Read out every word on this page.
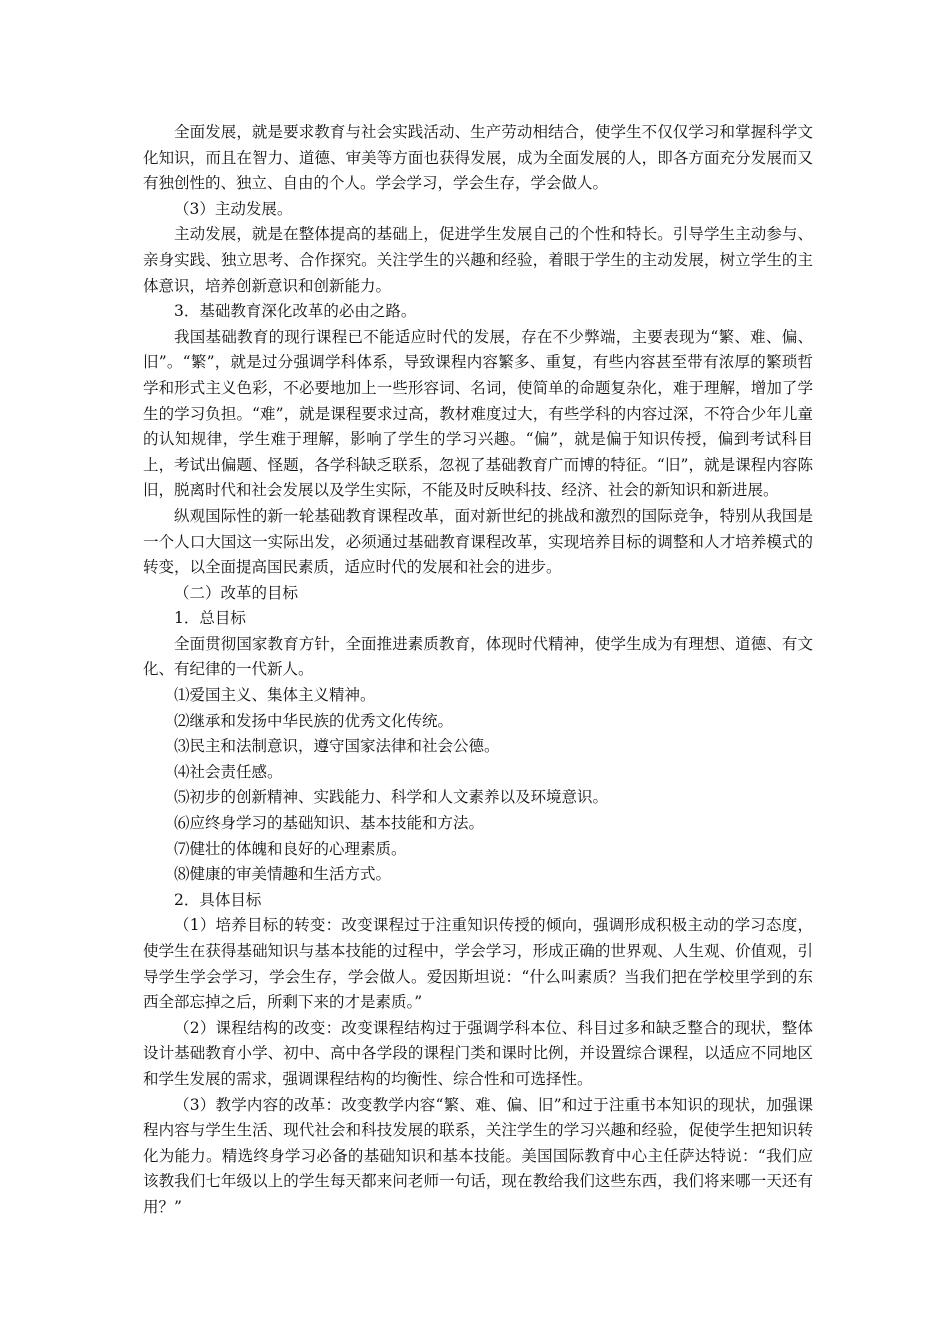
全面发展，就是要求教育与社会实践活动、生产劳动相结合，使学生不仅仅学习和掌握科学文化知识，而且在智力、道德、审美等方面也获得发展，成为全面发展的人，即各方面充分发展而又有独创性的、独立、自由的个人。学会学习，学会生存，学会做人。

（3）主动发展。

主动发展，就是在整体提高的基础上，促进学生发展自己的个性和特长。引导学生主动参与、亲身实践、独立思考、合作探究。关注学生的兴趣和经验，着眼于学生的主动发展，树立学生的主体意识，培养创新意识和创新能力。

3．基础教育深化改革的必由之路。

我国基础教育的现行课程已不能适应时代的发展，存在不少弊端，主要表现为“繁、难、偏、旧”。“繁”，就是过分强调学科体系，导致课程内容繁多、重复，有些内容甚至带有浓厚的繁琐哲学和形式主义色彩，不必要地加上一些形容词、名词，使简单的命题复杂化，难于理解，增加了学生的学习负担。“难”，就是课程要求过高，教材难度过大，有些学科的内容过深，不符合少年儿童的认知规律，学生难于理解，影响了学生的学习兴趣。“偏”，就是偏于知识传授，偏到考试科目上，考试出偏题、怪题，各学科缺乏联系，忽视了基础教育广而博的特征。“旧”，就是课程内容陈旧，脱离时代和社会发展以及学生实际，不能及时反映科技、经济、社会的新知识和新进展。

纵观国际性的新一轮基础教育课程改革，面对新世纪的挑战和激烈的国际竞争，特别从我国是一个人口大国这一实际出发，必须通过基础教育课程改革，实现培养目标的调整和人才培养模式的转变，以全面提高国民素质，适应时代的发展和社会的进步。

（二）改革的目标

1．总目标

全面贯彻国家教育方针，全面推进素质教育，体现时代精神，使学生成为有理想、道德、有文化、有纪律的一代新人。

⑴爱国主义、集体主义精神。

⑵继承和发扬中华民族的优秀文化传统。

⑶民主和法制意识，遵守国家法律和社会公德。

⑷社会责任感。

⑸初步的创新精神、实践能力、科学和人文素养以及环境意识。

⑹应终身学习的基础知识、基本技能和方法。

⑺健壮的体魄和良好的心理素质。

⑻健康的审美情趣和生活方式。

2．具体目标

（1）培养目标的转变：改变课程过于注重知识传授的倾向，强调形成积极主动的学习态度，使学生在获得基础知识与基本技能的过程中，学会学习，形成正确的世界观、人生观、价值观，引导学生学会学习，学会生存，学会做人。爱因斯坦说：“什么叫素质？当我们把在学校里学到的东西全部忘掉之后，所剩下来的才是素质。”

（2）课程结构的改变：改变课程结构过于强调学科本位、科目过多和缺乏整合的现状，整体设计基础教育小学、初中、高中各学段的课程门类和课时比例，并设置综合课程，以适应不同地区和学生发展的需求，强调课程结构的均衡性、综合性和可选择性。

（3）教学内容的改革：改变教学内容“繁、难、偏、旧”和过于注重书本知识的现状，加强课程内容与学生生活、现代社会和科技发展的联系，关注学生的学习兴趣和经验，促使学生把知识转化为能力。精选终身学习必备的基础知识和基本技能。美国国际教育中心主任萨达特说：“我们应该教我们七年级以上的学生每天都来问老师一句话，现在教给我们这些东西，我们将来哪一天还有用？”
